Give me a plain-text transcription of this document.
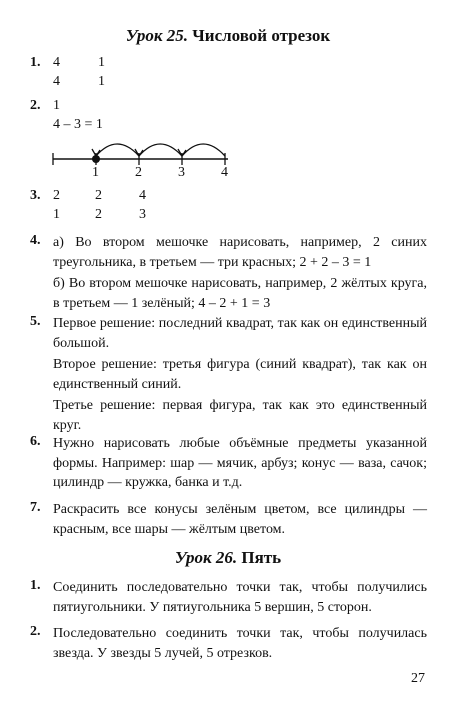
Урок 25. Числовой отрезок
1. 4	1
4	1
2. 1
4 – 3 = 1
1	2	3	4
3. 2	2	4
1	2	3
4. а) Во втором мешочке нарисовать, например, 2 синих треугольника, в третьем — три красных; 2 + 2 – 3 = 1

б) Во втором мешочке нарисовать, например, 2 жёлтых круга, в третьем — 1 зелёный; 4 – 2 + 1 = 3

5. Первое решение: последний квадрат, так как он единственный большой.

Второе решение: третья фигура (синий квадрат), так как он единственный синий.

Третье решение: первая фигура, так как это единственный круг.

6. Нужно нарисовать любые объёмные предметы указанной формы. Например: шар — мячик, арбуз; конус — ваза, сачок; цилиндр — кружка, банка и т.д.

7. Раскрасить все конусы зелёным цветом, все цилиндры — красным, все шары — жёлтым цветом.

Урок 26. Пять
1. Соединить последовательно точки так, чтобы получились пятиугольники. У пятиугольника 5 вершин, 5 сторон.

2. Последовательно соединить точки так, чтобы получилась звезда. У звезды 5 лучей, 5 отрезков.

27
